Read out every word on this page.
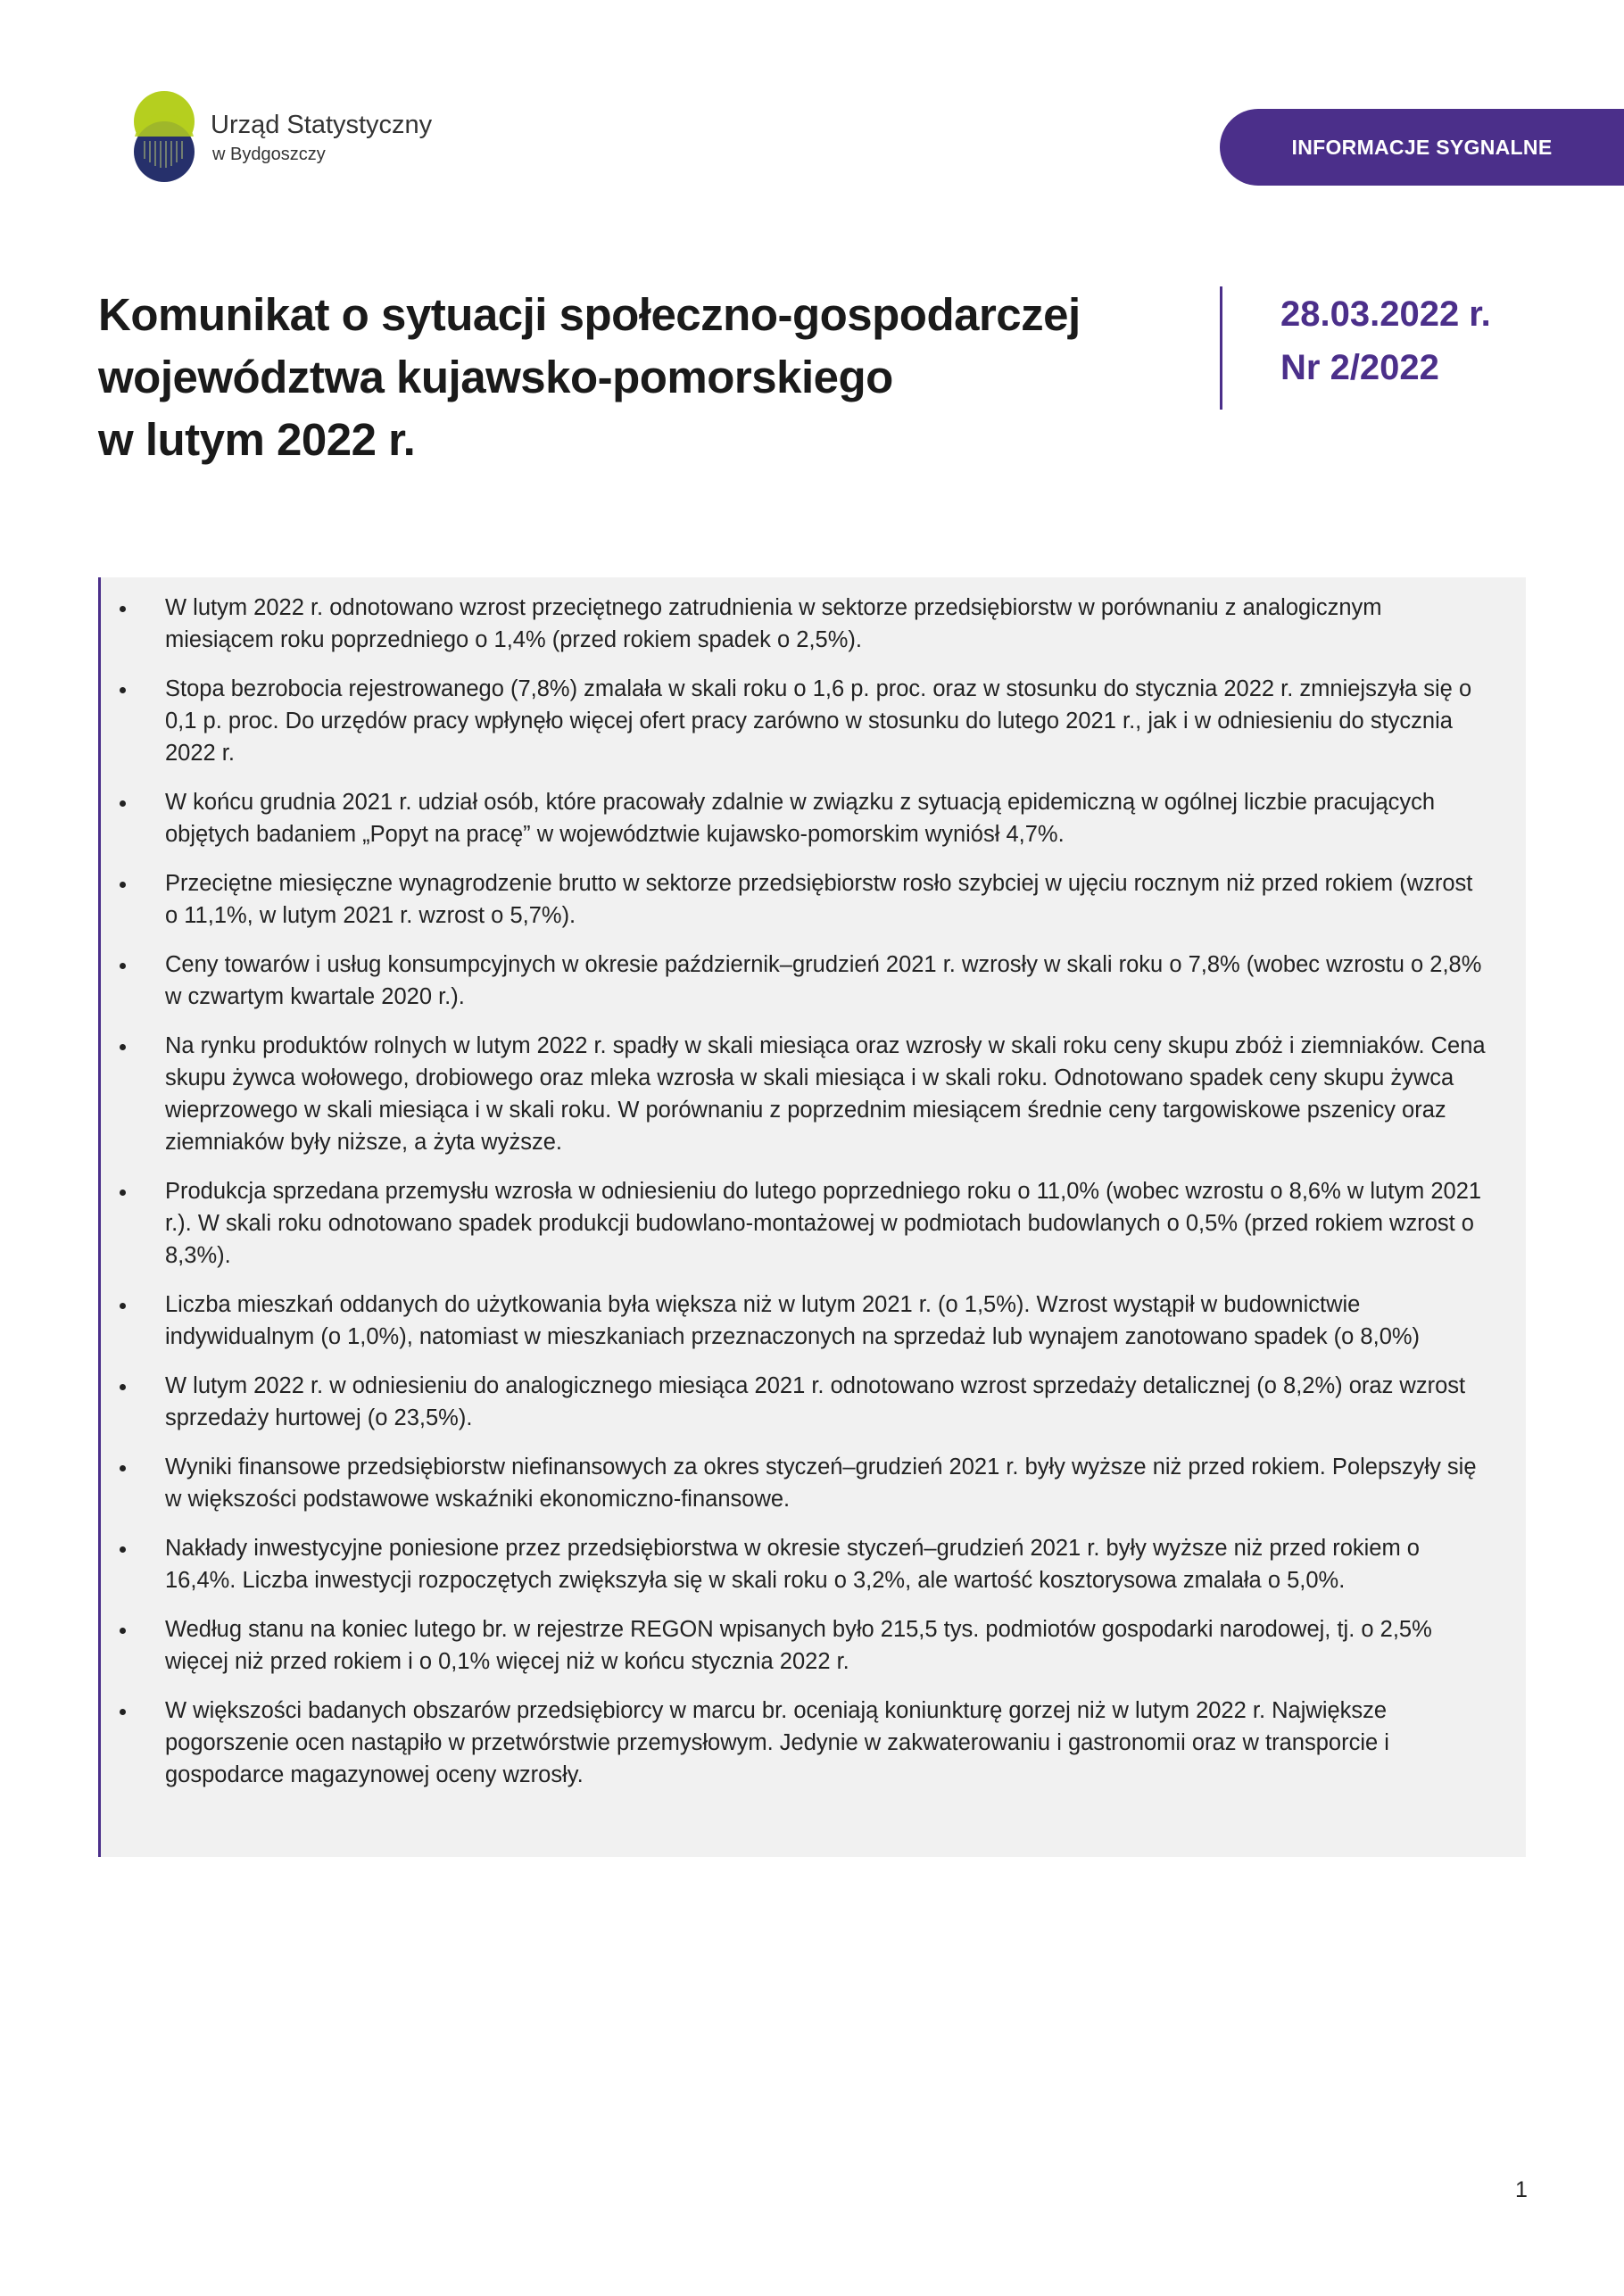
Urząd Statystyczny
w Bydgoszczy	INFORMACJE SYGNALNE
Komunikat o sytuacji społeczno-gospodarczej
województwa kujawsko-pomorskiego
w lutym 2022 r.
28.03.2022 r.
Nr 2/2022
W lutym 2022 r. odnotowano wzrost przeciętnego zatrudnienia w sektorze przedsiębiorstw w porównaniu z analogicznym miesiącem roku poprzedniego o 1,4% (przed rokiem spadek o 2,5%).
Stopa bezrobocia rejestrowanego (7,8%) zmalała w skali roku o 1,6 p. proc. oraz w stosunku do stycznia 2022 r. zmniejszyła się o 0,1 p. proc. Do urzędów pracy wpłynęło więcej ofert pracy zarówno w stosunku do lutego 2021 r., jak i w odniesieniu do stycznia 2022 r.
W końcu grudnia 2021 r. udział osób, które pracowały zdalnie w związku z sytuacją epidemiczną w ogólnej liczbie pracujących objętych badaniem „Popyt na pracę” w województwie kujawsko-pomorskim wyniósł 4,7%.
Przeciętne miesięczne wynagrodzenie brutto w sektorze przedsiębiorstw rosło szybciej w ujęciu rocznym niż przed rokiem (wzrost o 11,1%, w lutym 2021 r. wzrost o 5,7%).
Ceny towarów i usług konsumpcyjnych w okresie październik–grudzień 2021 r. wzrosły w skali roku o 7,8% (wobec wzrostu o 2,8% w czwartym kwartale 2020 r.).
Na rynku produktów rolnych w lutym 2022 r. spadły w skali miesiąca oraz wzrosły w skali roku ceny skupu zbóż i ziemniaków. Cena skupu żywca wołowego, drobiowego oraz mleka wzrosła w skali miesiąca i w skali roku. Odnotowano spadek ceny skupu żywca wieprzowego w skali miesiąca i w skali roku. W porównaniu z poprzednim miesiącem średnie ceny targowiskowe pszenicy oraz ziemniaków były niższe, a żyta wyższe.
Produkcja sprzedana przemysłu wzrosła w odniesieniu do lutego poprzedniego roku o 11,0% (wobec wzrostu o 8,6% w lutym 2021 r.). W skali roku odnotowano spadek produkcji budowlano-montażowej w podmiotach budowlanych o 0,5% (przed rokiem wzrost o 8,3%).
Liczba mieszkań oddanych do użytkowania była większa niż w lutym 2021 r. (o 1,5%). Wzrost wystąpił w budownictwie indywidualnym (o 1,0%), natomiast w mieszkaniach przeznaczonych na sprzedaż lub wynajem zanotowano spadek (o 8,0%)
W lutym 2022 r. w odniesieniu do analogicznego miesiąca 2021 r. odnotowano wzrost sprzedaży detalicznej (o 8,2%) oraz wzrost sprzedaży hurtowej (o 23,5%).
Wyniki finansowe przedsiębiorstw niefinansowych za okres styczeń–grudzień 2021 r. były wyższe niż przed rokiem. Polepszyły się w większości podstawowe wskaźniki ekonomiczno-finansowe.
Nakłady inwestycyjne poniesione przez przedsiębiorstwa w okresie styczeń–grudzień 2021 r. były wyższe niż przed rokiem o 16,4%. Liczba inwestycji rozpoczętych zwiększyła się w skali roku o 3,2%, ale wartość kosztorysowa zmalała o 5,0%.
Według stanu na koniec lutego br. w rejestrze REGON wpisanych było 215,5 tys. podmiotów gospodarki narodowej, tj. o 2,5% więcej niż przed rokiem i o 0,1% więcej niż w końcu stycznia 2022 r.
W większości badanych obszarów przedsiębiorcy w marcu br. oceniają koniunkturę gorzej niż w lutym 2022 r. Największe pogorszenie ocen nastąpiło w przetwórstwie przemysłowym. Jedynie w zakwaterowaniu i gastronomii oraz w transporcie i gospodarce magazynowej oceny wzrosły.
1
